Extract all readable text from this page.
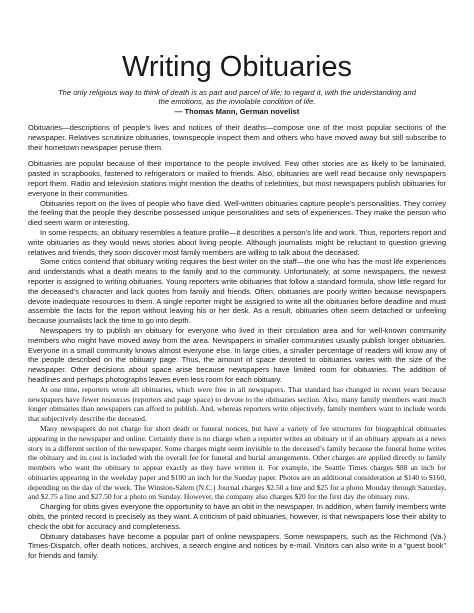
Writing Obituaries

The only religious way to think of death is as part and parcel of life; to regard it, with the understanding and the emotions, as the inviolable condition of life.

— Thomas Mann, German novelist

Obituaries—descriptions of people’s lives and notices of their deaths—compose one of the most popular sections of the newspaper. Relatives scrutinize obituaries, townspeople inspect them and others who have moved away but still subscribe to their hometown newspaper peruse them.

Obituaries are popular because of their importance to the people involved. Few other stories are as likely to be laminated, pasted in scrapbooks, fastened to refrigerators or mailed to friends. Also, obituaries are well read because only newspapers report them. Radio and television stations might mention the deaths of celebrities, but most newspapers publish obituaries for everyone in their communities.

Obituaries report on the lives of people who have died. Well-written obituaries capture people’s personalities. They convey the feeling that the people they describe possessed unique personalities and sets of experiences. They make the person who died seem warm or interesting.

In some respects, an obituary resembles a feature profile—it describes a person’s life and work. Thus, reporters report and write obituaries as they would news stories about living people. Although journalists might be reluctant to question grieving relatives and friends, they soon discover most family members are willing to talk about the deceased.

Some critics contend that obituary writing requires the best writer on the staff—the one who has the most life experiences and understands what a death means to the family and to the community. Unfortunately, at some newspapers, the newest reporter is assigned to writing obituaries. Young reporters write obituaries that follow a standard formula, show little regard for the deceased’s character and lack quotes from family and friends. Often, obituaries are poorly written because newspapers devote inadequate resources to them. A single reporter might be assigned to write all the obituaries before deadline and must assemble the facts for the report without leaving his or her desk. As a result, obituaries often seem detached or unfeeling because journalists lack the time to go into depth.

Newspapers try to publish an obituary for everyone who lived in their circulation area and for well-known community members who might have moved away from the area. Newspapers in smaller communities usually publish longer obituaries. Everyone in a small community knows almost everyone else. In large cities, a smaller percentage of readers will know any of the people described on the obituary page. Thus, the amount of space devoted to obituaries varies with the size of the newspaper. Other decisions about space arise because newspapers have limited room for obituaries. The addition of headlines and perhaps photographs leaves even less room for each obituary.

At one time, reporters wrote all obituaries, which were free in all newspapers. That standard has changed in recent years because newspapers have fewer resources (reporters and page space) to devote to the obituaries section. Also, many family members want much longer obituaries than newspapers can afford to publish. And, whereas reporters write objectively, family members want to include words that subjectively describe the deceased.

Many newspapers do not charge for short death or funeral notices, but have a variety of fee structures for biographical obituaries appearing in the newspaper and online. Certainly there is no charge when a reporter writes an obituary or if an obituary appears as a news story in a different section of the newspaper. Some charges might seem invisible to the deceased’s family because the funeral home writes the obituary and its cost is included with the overall fee for funeral and burial arrangements. Other charges are applied directly to family members who want the obituary to appear exactly as they have written it. For example, the Seattle Times charges $88 an inch for obituaries appearing in the weekday paper and $100 an inch for the Sunday paper. Photos are an additional consideration at $140 to $160, depending on the day of the week. The Winston-Salem (N.C.) Journal charges $2.50 a line and $25 for a photo Monday through Saturday, and $2.75 a line and $27.50 for a photo on Sunday. However, the company also charges $20 for the first day the obituary runs.

Charging for obits gives everyone the opportunity to have an obit in the newspaper. In addition, when family members write obits, the printed record is precisely as they want. A criticism of paid obituaries, however, is that newspapers lose their ability to check the obit for accuracy and completeness.

Obituary databases have become a popular part of online newspapers. Some newspapers, such as the Richmond (Va.) Times-Dispatch, offer death notices, archives, a search engine and notices by e-mail. Visitors can also write in a “guest book” for friends and family.
